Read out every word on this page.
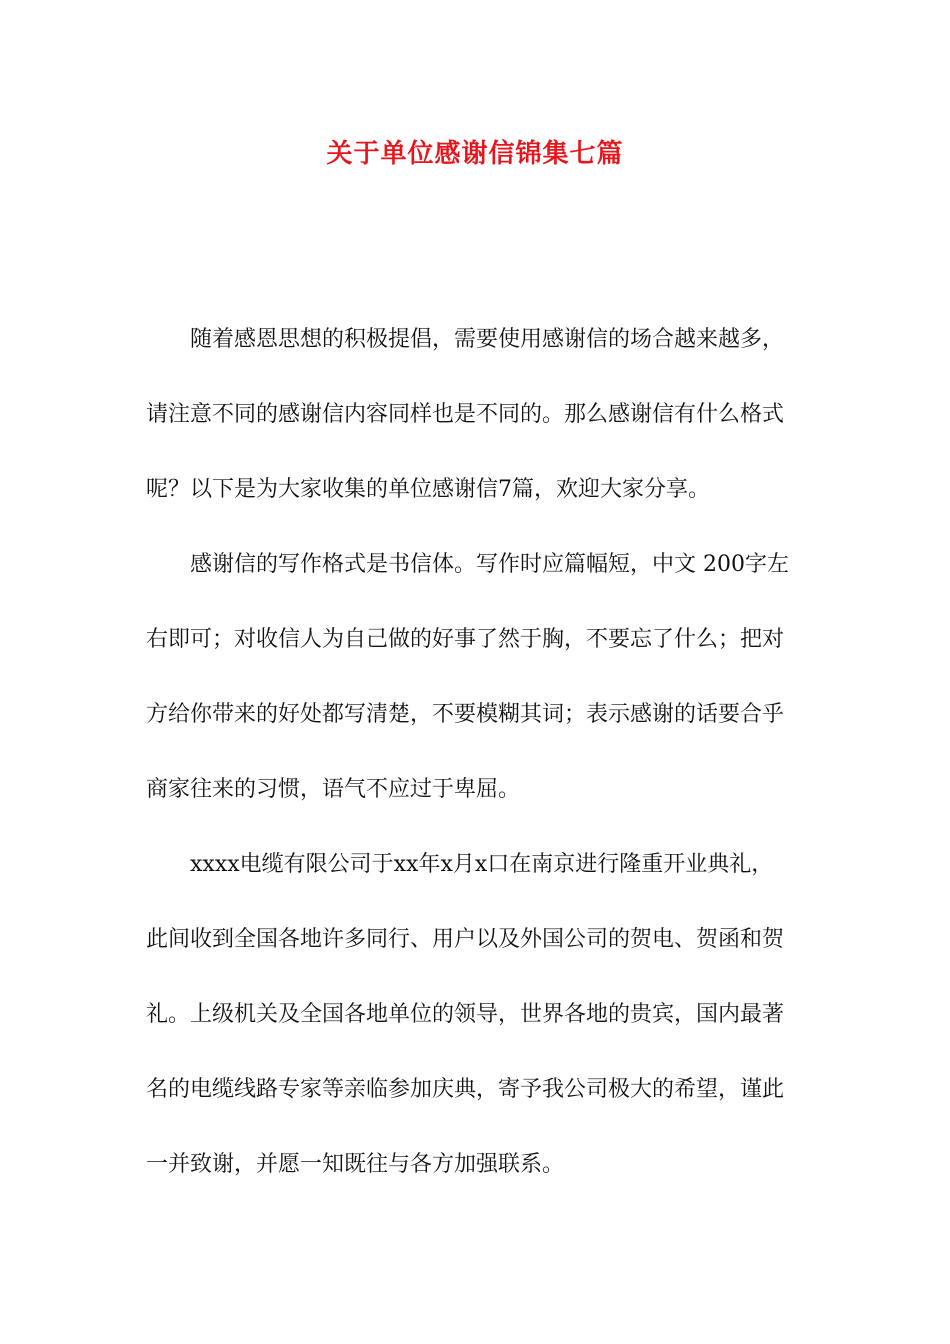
关于单位感谢信锦集七篇
随着感恩思想的积极提倡，需要使用感谢信的场合越来越多，
请注意不同的感谢信内容同样也是不同的。那么感谢信有什么格式
呢？以下是为大家收集的单位感谢信7篇，欢迎大家分享。
感谢信的写作格式是书信体。写作时应篇幅短，中文 200字左
右即可；对收信人为自己做的好事了然于胸，不要忘了什么；把对
方给你带来的好处都写清楚，不要模糊其词；表示感谢的话要合乎
商家往来的习惯，语气不应过于卑屈。
xxxx电缆有限公司于xx年x月x口在南京进行隆重开业典礼，
此间收到全国各地许多同行、用户以及外国公司的贺电、贺函和贺
礼。上级机关及全国各地单位的领导，世界各地的贵宾，国内最著
名的电缆线路专家等亲临参加庆典，寄予我公司极大的希望，谨此
一并致谢，并愿一知既往与各方加强联系。
